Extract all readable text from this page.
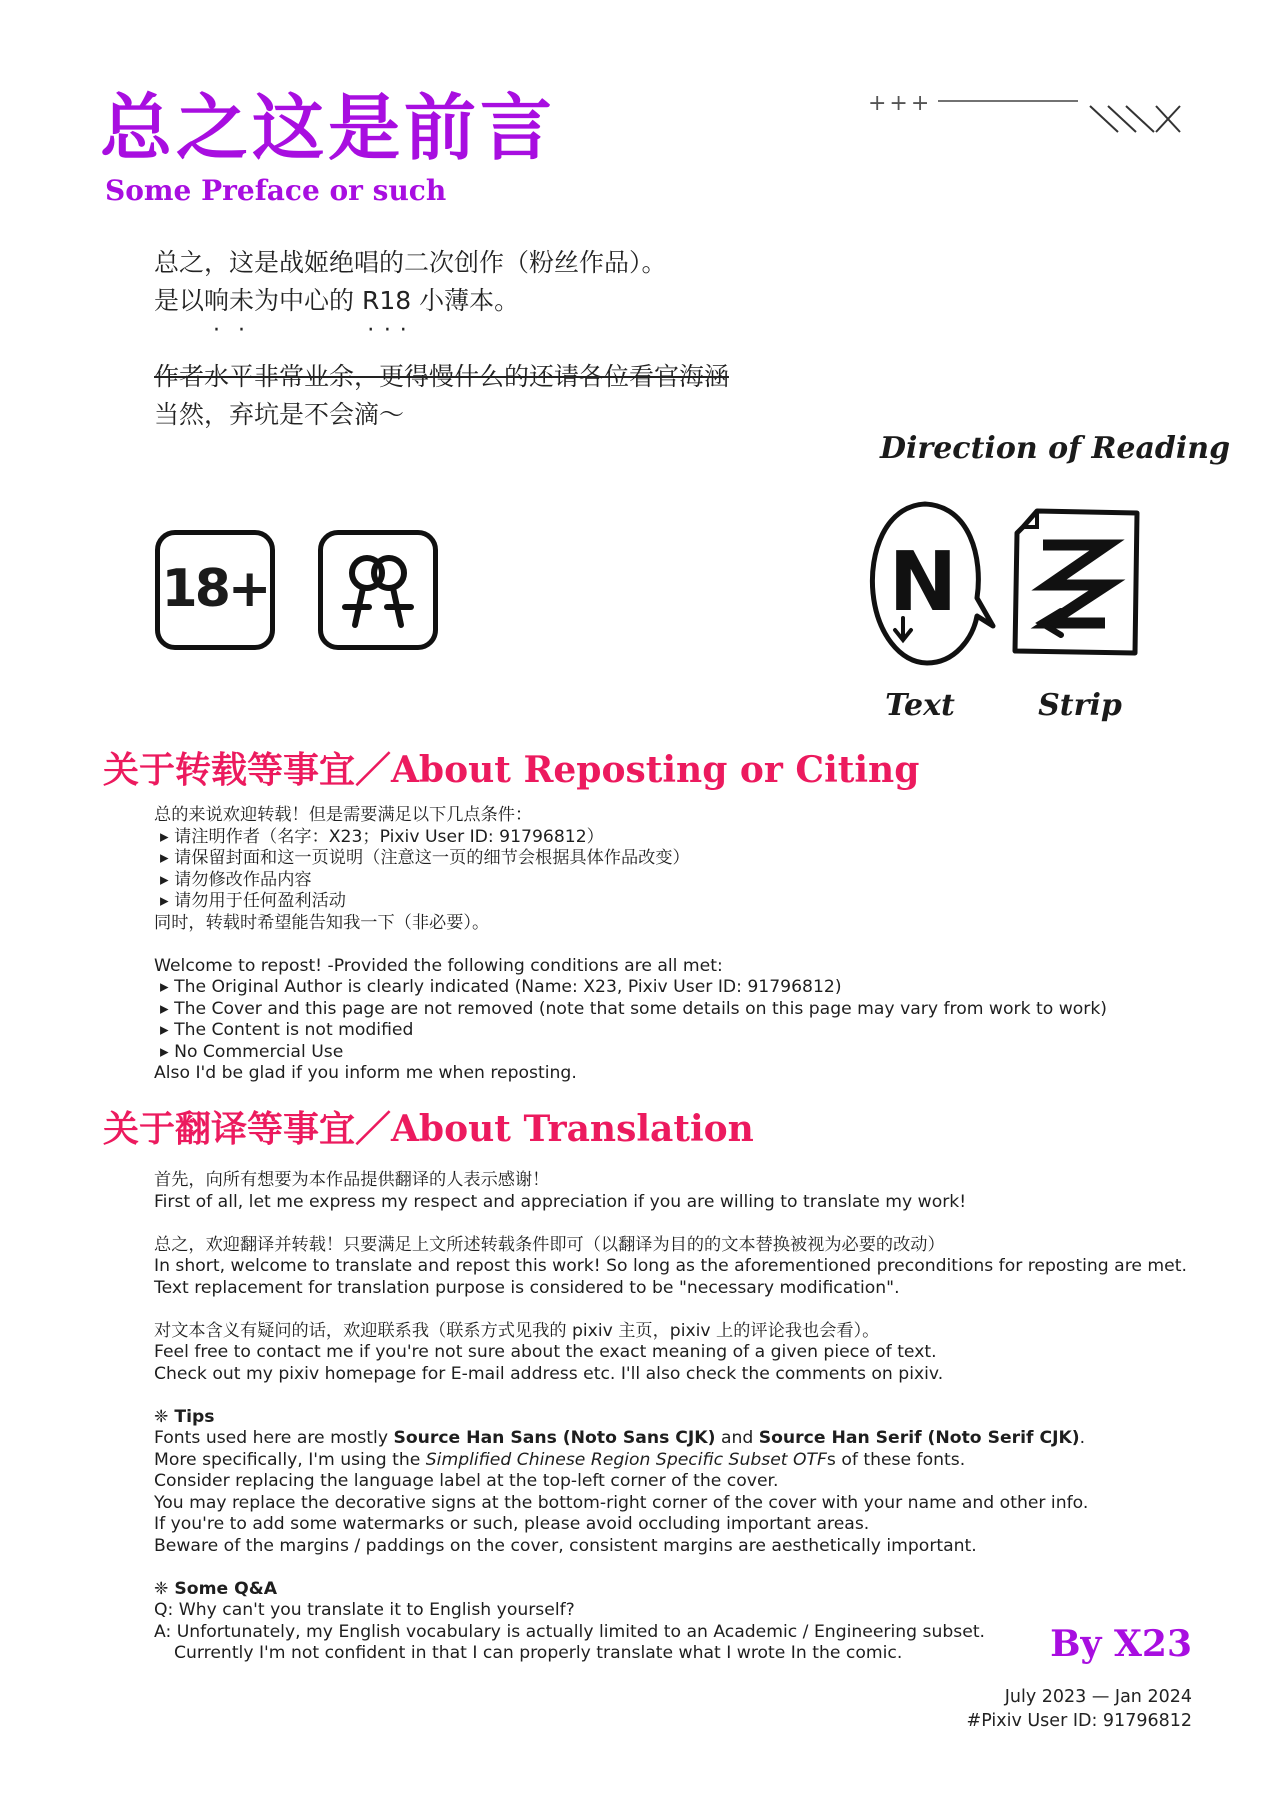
总之这是前言
Some Preface or such
+++
总之，这是战姬绝唱的二次创作（粉丝作品）。
是以响未为中心的 R ·1 ·8 · 小薄本。
作者水平非常业余，更得慢什么的还请各位看官海涵
当然，弃坑是不会滴～
18+
Direction of Reading
N
Z
Text	Strip
关于转载等事宜／About Reposting or Citing
总的来说欢迎转载！但是需要满足以下几点条件：
▸ 请注明作者（名字：X23；Pixiv User ID: 91796812）
▸ 请保留封面和这一页说明（注意这一页的细节会根据具体作品改变）
▸ 请勿修改作品内容
▸ 请勿用于任何盈利活动
同时，转载时希望能告知我一下（非必要）。
Welcome to repost! -Provided the following conditions are all met:
▸ The Original Author is clearly indicated (Name: X23, Pixiv User ID: 91796812)
▸ The Cover and this page are not removed (note that some details on this page may vary from work to work)
▸ The Content is not modified
▸ No Commercial Use
Also I'd be glad if you inform me when reposting.
关于翻译等事宜／About Translation
首先，向所有想要为本作品提供翻译的人表示感谢！
First of all, let me express my respect and appreciation if you are willing to translate my work!
总之，欢迎翻译并转载！只要满足上文所述转载条件即可（以翻译为目的的文本替换被视为必要的改动）
In short, welcome to translate and repost this work! So long as the aforementioned preconditions for reposting are met.
Text replacement for translation purpose is considered to be "necessary modification".
对文本含义有疑问的话，欢迎联系我（联系方式见我的 pixiv 主页，pixiv 上的评论我也会看）。
Feel free to contact me if you're not sure about the exact meaning of a given piece of text.
Check out my pixiv homepage for E-mail address etc. I'll also check the comments on pixiv.
❈ Tips
Fonts used here are mostly Source Han Sans (Noto Sans CJK) and Source Han Serif (Noto Serif CJK).
More specifically, I'm using the Simplified Chinese Region Specific Subset OTFs of these fonts.
Consider replacing the language label at the top-left corner of the cover.
You may replace the decorative signs at the bottom-right corner of the cover with your name and other info.
If you're to add some watermarks or such, please avoid occluding important areas.
Beware of the margins / paddings on the cover, consistent margins are aesthetically important.
❈ Some Q&A
Q: Why can't you translate it to English yourself?
A: Unfortunately, my English vocabulary is actually limited to an Academic / Engineering subset.
Currently I'm not confident in that I can properly translate what I wrote In the comic.	By X23
July 2023 — Jan 2024
#Pixiv User ID: 91796812
